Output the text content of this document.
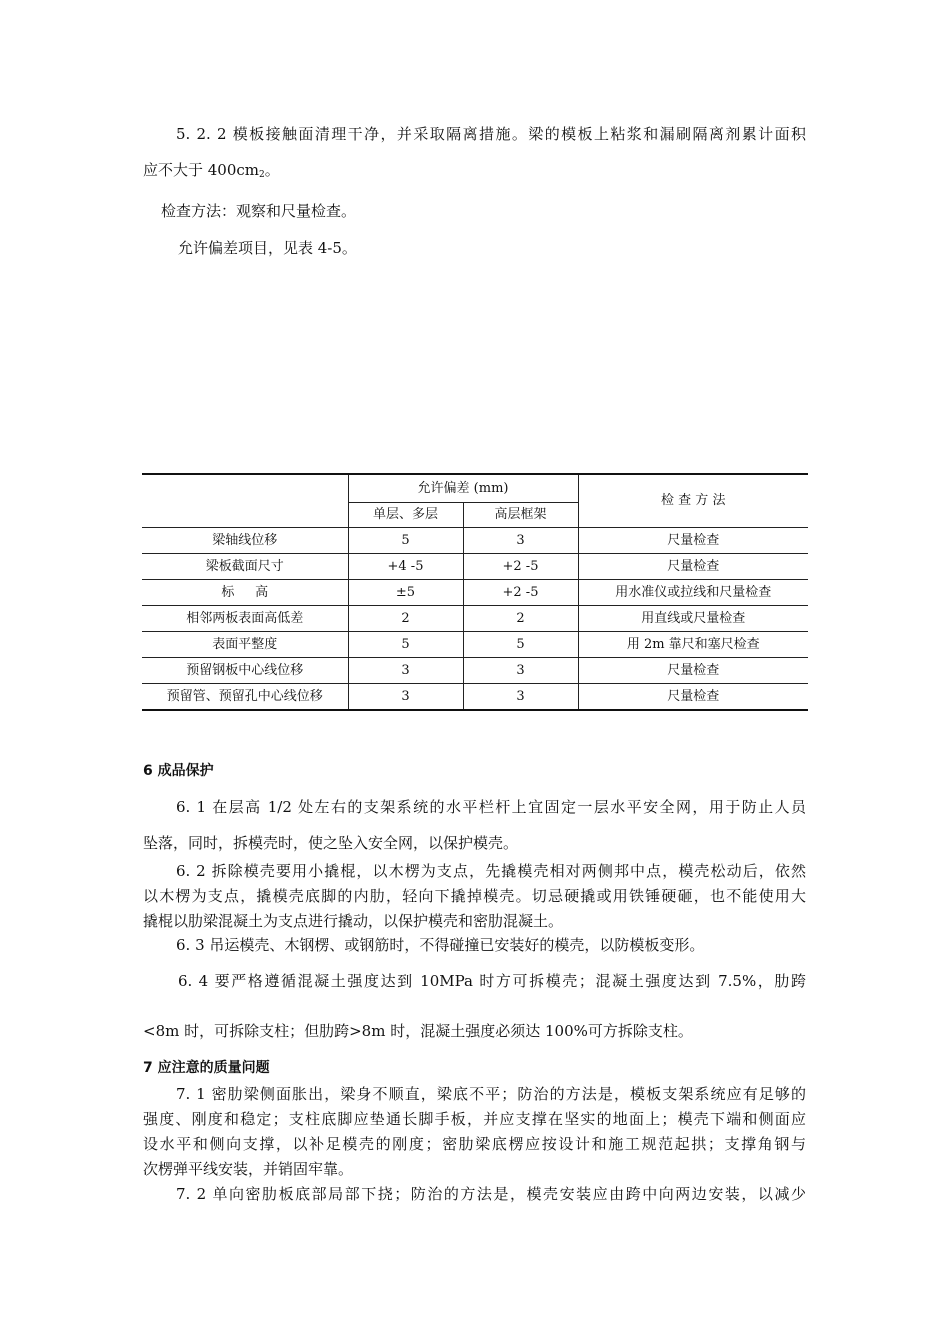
5. 2. 2 模板接触面清理干净，并采取隔离措施。梁的模板上粘浆和漏刷隔离剂累计面积
应不大于 $400cm_2$。
检查方法：观察和尺量检查。
允许偏差项目，见表 4-5。
	允许偏差 (mm)		检 查 方 法
	单层、多层	高层框架	
梁轴线位移	5	3	尺量检查
梁板截面尺寸	+4 -5	+2 -5	尺量检查
标     高	±5	+2 -5	用水准仪或拉线和尺量检查
相邻两板表面高低差	2	2	用直线或尺量检查
表面平整度	5	5	用 2m 靠尺和塞尺检查
预留钢板中心线位移	3	3	尺量检查
预留管、预留孔中心线位移	3	3	尺量检查
6 成品保护
6. 1 在层高 1/2 处左右的支架系统的水平栏杆上宜固定一层水平安全网，用于防止人员
坠落，同时，拆模壳时，使之坠入安全网，以保护模壳。
6. 2 拆除模壳要用小撬棍，以木楞为支点，先撬模壳相对两侧邦中点，模壳松动后，依然
以木楞为支点，撬模壳底脚的内肋，轻向下撬掉模壳。切忌硬撬或用铁锤硬砸，也不能使用大
撬棍以肋梁混凝土为支点进行撬动，以保护模壳和密肋混凝土。
6. 3 吊运模壳、木钢楞、或钢筋时，不得碰撞已安装好的模壳，以防模板变形。
6. 4 要严格遵循混凝土强度达到 10MPa 时方可拆模壳；混凝土强度达到 7.5%，肋跨
<8m 时，可拆除支柱；但肋跨>8m 时，混凝土强度必须达 100%可方拆除支柱。
7 应注意的质量问题
7. 1 密肋梁侧面胀出，梁身不顺直，梁底不平；防治的方法是，模板支架系统应有足够的
强度、刚度和稳定；支柱底脚应垫通长脚手板，并应支撑在坚实的地面上；模壳下端和侧面应
设水平和侧向支撑，以补足模壳的刚度；密肋梁底楞应按设计和施工规范起拱；支撑角钢与
次楞弹平线安装，并销固牢靠。
7. 2 单向密肋板底部局部下挠；防治的方法是，模壳安装应由跨中向两边安装，以减少
